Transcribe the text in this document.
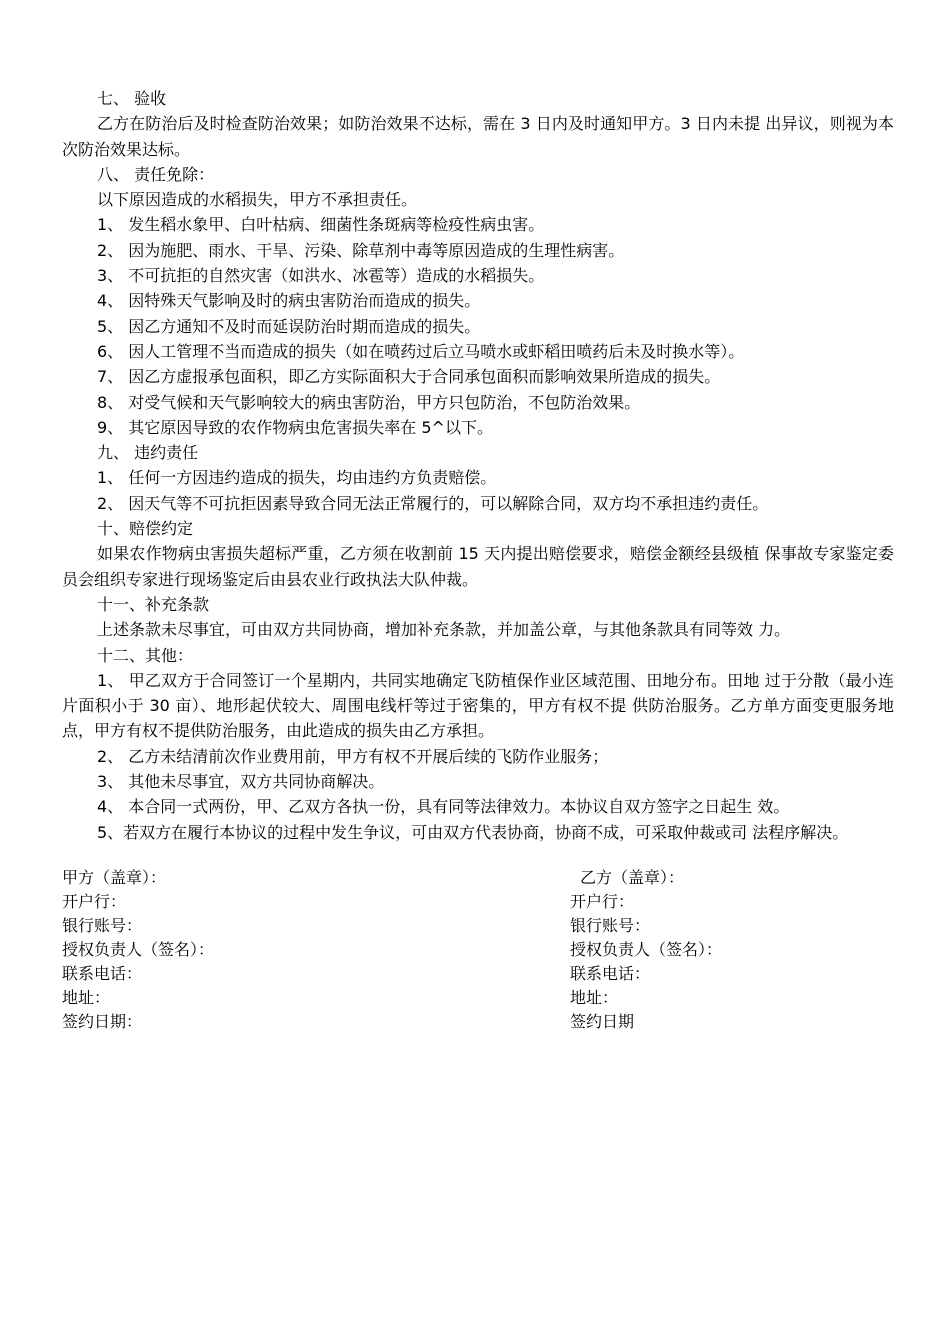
七、 验收

乙方在防治后及时检查防治效果；如防治效果不达标，需在 3 日内及时通知甲方。3 日内未提 出异议，则视为本次防治效果达标。

八、 责任免除：

以下原因造成的水稻损失，甲方不承担责任。

1、 发生稻水象甲、白叶枯病、细菌性条斑病等检疫性病虫害。

2、 因为施肥、雨水、干旱、污染、除草剂中毒等原因造成的生理性病害。

3、 不可抗拒的自然灾害（如洪水、冰雹等）造成的水稻损失。

4、 因特殊天气影响及时的病虫害防治而造成的损失。

5、 因乙方通知不及时而延误防治时期而造成的损失。

6、 因人工管理不当而造成的损失（如在喷药过后立马喷水或虾稻田喷药后未及时换水等）。

7、 因乙方虚报承包面积，即乙方实际面积大于合同承包面积而影响效果所造成的损失。

8、 对受气候和天气影响较大的病虫害防治，甲方只包防治，不包防治效果。

9、 其它原因导致的农作物病虫危害损失率在 5^以下。

九、 违约责任

1、 任何一方因违约造成的损失，均由违约方负责赔偿。

2、 因天气等不可抗拒因素导致合同无法正常履行的，可以解除合同，双方均不承担违约责任。

十、赔偿约定

如果农作物病虫害损失超标严重，乙方须在收割前 15 天内提出赔偿要求，赔偿金额经县级植 保事故专家鉴定委员会组织专家进行现场鉴定后由县农业行政执法大队仲裁。

十一、补充条款

上述条款未尽事宜，可由双方共同协商，增加补充条款，并加盖公章，与其他条款具有同等效 力。

十二、其他：

1、 甲乙双方于合同签订一个星期内，共同实地确定飞防植保作业区域范围、田地分布。田地 过于分散（最小连片面积小于 30 亩）、地形起伏较大、周围电线杆等过于密集的，甲方有权不提 供防治服务。乙方单方面变更服务地点，甲方有权不提供防治服务，由此造成的损失由乙方承担。

2、 乙方未结清前次作业费用前，甲方有权不开展后续的飞防作业服务；

3、 其他未尽事宜，双方共同协商解决。

4、 本合同一式两份，甲、乙双方各执一份，具有同等法律效力。本协议自双方签字之日起生 效。

5、若双方在履行本协议的过程中发生争议，可由双方代表协商，协商不成，可采取仲裁或司 法程序解决。

甲方（盖章）：
开户行：
银行账号：
授权负责人（签名）：
联系电话：
地址：
签约日期：
乙方（盖章）：
开户行：
银行账号：
授权负责人（签名）：
联系电话：
地址：
签约日期
